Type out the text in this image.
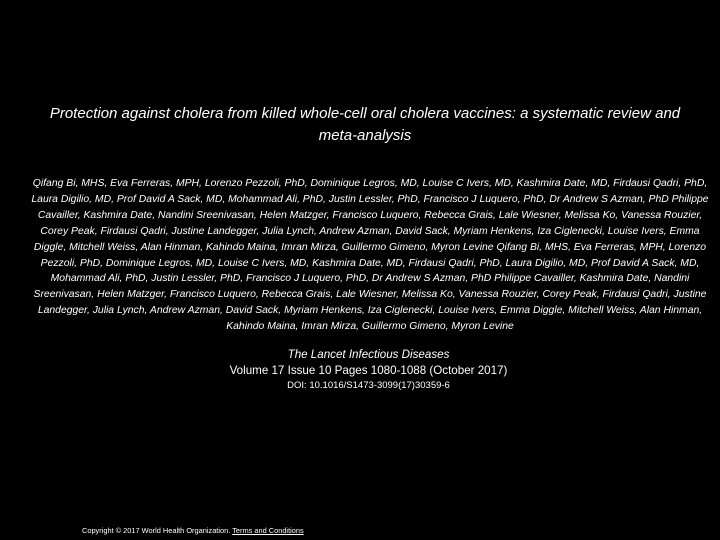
Protection against cholera from killed whole-cell oral cholera vaccines: a systematic review and meta-analysis
Qifang Bi, MHS, Eva Ferreras, MPH, Lorenzo Pezzoli, PhD, Dominique Legros, MD, Louise C Ivers, MD, Kashmira Date, MD, Firdausi Qadri, PhD, Laura Digilio, MD, Prof David A Sack, MD, Mohammad Ali, PhD, Justin Lessler, PhD, Francisco J Luquero, PhD, Dr Andrew S Azman, PhD Philippe Cavailler, Kashmira Date, Nandini Sreenivasan, Helen Matzger, Francisco Luquero, Rebecca Grais, Lale Wiesner, Melissa Ko, Vanessa Rouzier, Corey Peak, Firdausi Qadri, Justine Landegger, Julia Lynch, Andrew Azman, David Sack, Myriam Henkens, Iza Ciglenecki, Louise Ivers, Emma Diggle, Mitchell Weiss, Alan Hinman, Kahindo Maina, Imran Mirza, Guillermo Gimeno, Myron Levine Qifang Bi, MHS, Eva Ferreras, MPH, Lorenzo Pezzoli, PhD, Dominique Legros, MD, Louise C Ivers, MD, Kashmira Date, MD, Firdausi Qadri, PhD, Laura Digilio, MD, Prof David A Sack, MD, Mohammad Ali, PhD, Justin Lessler, PhD, Francisco J Luquero, PhD, Dr Andrew S Azman, PhD Philippe Cavailler, Kashmira Date, Nandini Sreenivasan, Helen Matzger, Francisco Luquero, Rebecca Grais, Lale Wiesner, Melissa Ko, Vanessa Rouzier, Corey Peak, Firdausi Qadri, Justine Landegger, Julia Lynch, Andrew Azman, David Sack, Myriam Henkens, Iza Ciglenecki, Louise Ivers, Emma Diggle, Mitchell Weiss, Alan Hinman, Kahindo Maina, Imran Mirza, Guillermo Gimeno, Myron Levine
The Lancet Infectious Diseases
Volume 17 Issue 10 Pages 1080-1088 (October 2017)
DOI: 10.1016/S1473-3099(17)30359-6
Copyright © 2017 World Health Organization. Terms and Conditions
